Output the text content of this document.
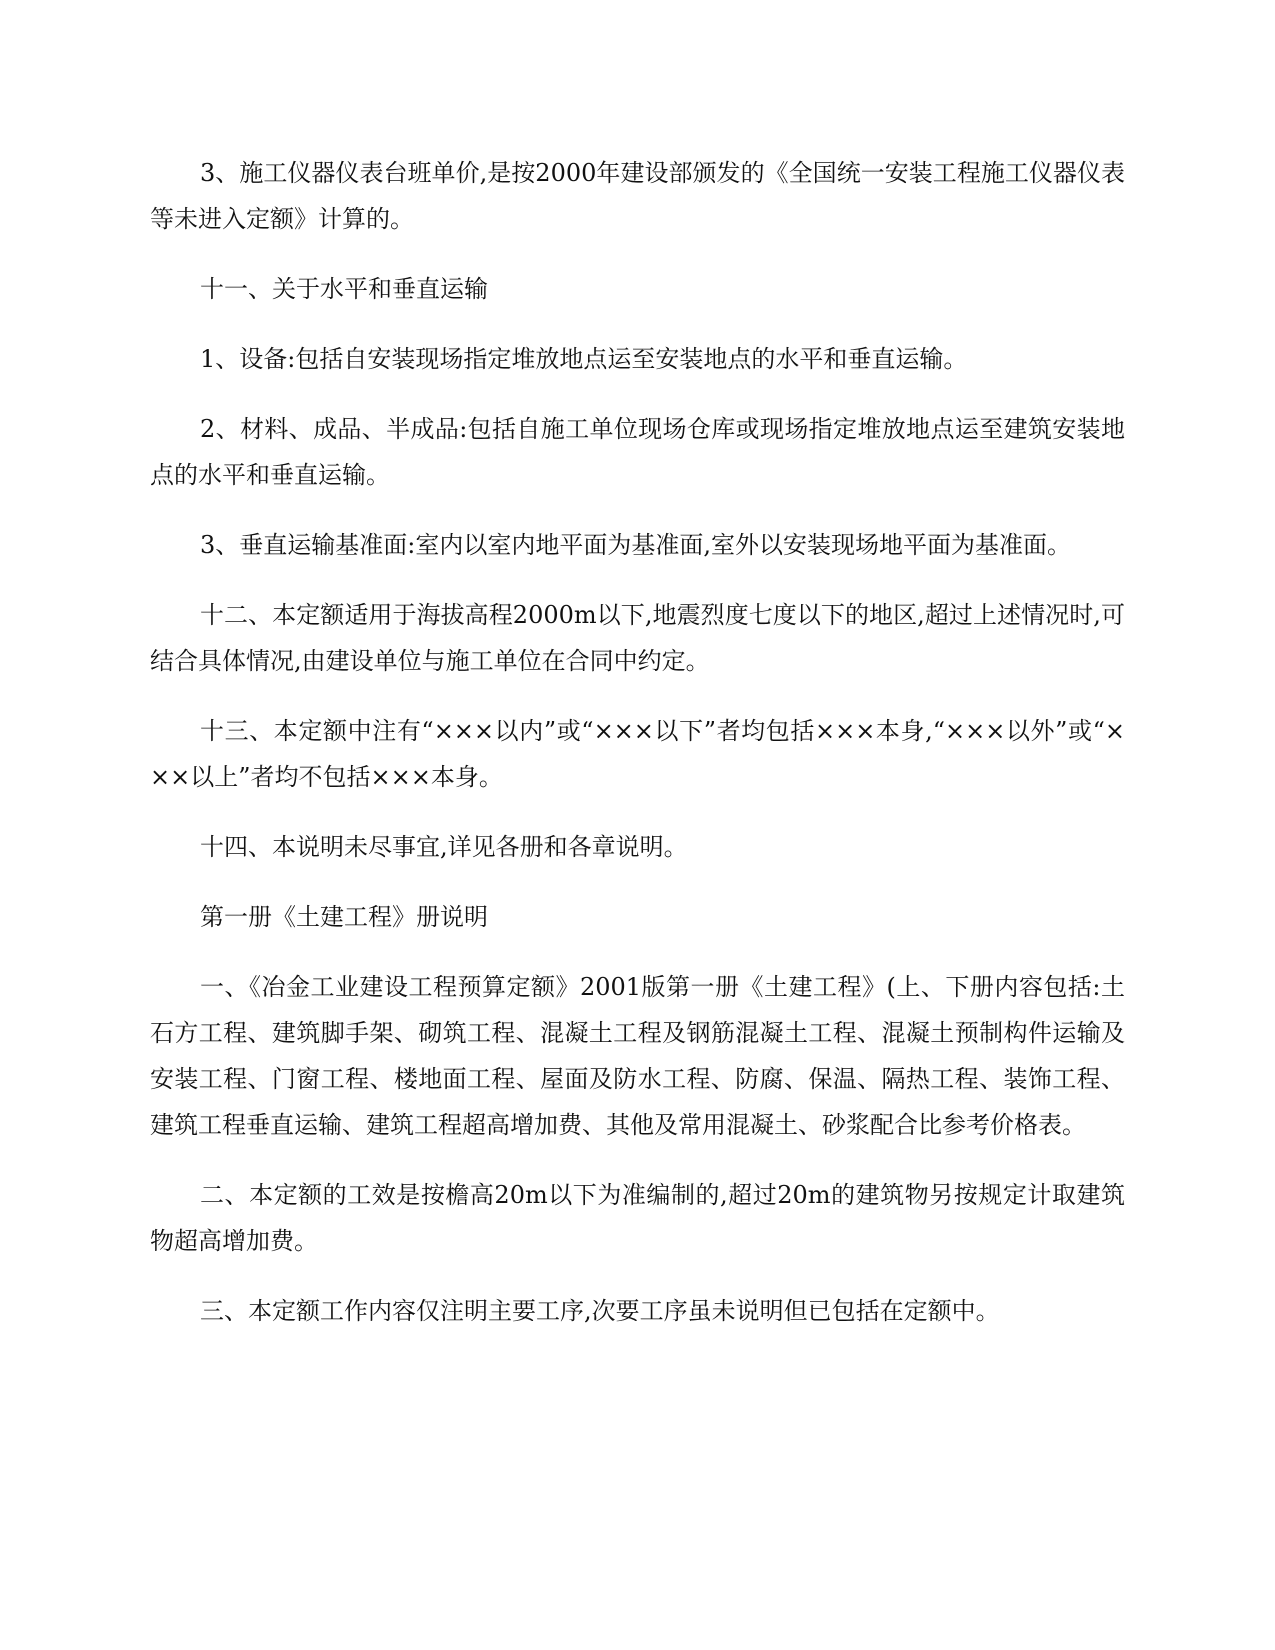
3、施工仪器仪表台班单价,是按2000年建设部颁发的《全国统一安装工程施工仪器仪表等未进入定额》计算的。

十一、关于水平和垂直运输

1、设备:包括自安装现场指定堆放地点运至安装地点的水平和垂直运输。

2、材料、成品、半成品:包括自施工单位现场仓库或现场指定堆放地点运至建筑安装地点的水平和垂直运输。

3、垂直运输基准面:室内以室内地平面为基准面,室外以安装现场地平面为基准面。

十二、本定额适用于海拔高程2000m以下,地震烈度七度以下的地区,超过上述情况时,可结合具体情况,由建设单位与施工单位在合同中约定。

十三、本定额中注有“×××以内”或“×××以下”者均包括×××本身,“×××以外”或“×××以上”者均不包括×××本身。

十四、本说明未尽事宜,详见各册和各章说明。

第一册《土建工程》册说明

一、《冶金工业建设工程预算定额》2001版第一册《土建工程》(上、下册内容包括:土石方工程、建筑脚手架、砌筑工程、混凝土工程及钢筋混凝土工程、混凝土预制构件运输及安装工程、门窗工程、楼地面工程、屋面及防水工程、防腐、保温、隔热工程、装饰工程、建筑工程垂直运输、建筑工程超高增加费、其他及常用混凝土、砂浆配合比参考价格表。

二、本定额的工效是按檐高20m以下为准编制的,超过20m的建筑物另按规定计取建筑物超高增加费。

三、本定额工作内容仅注明主要工序,次要工序虽未说明但已包括在定额中。
